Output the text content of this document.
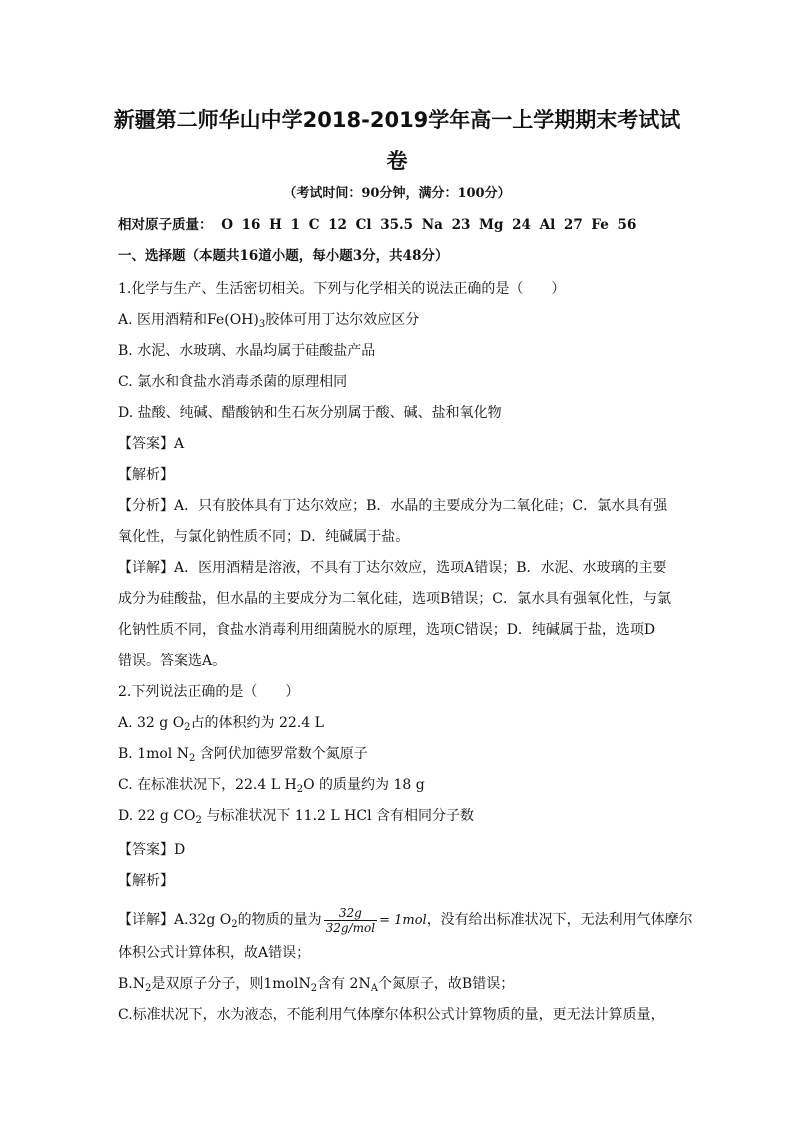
新疆第二师华山中学2018-2019学年高一上学期期末考试试
卷
（考试时间：90分钟，满分：100分）
相对原子质量： O 16 H 1 C 12 Cl 35.5 Na 23 Mg 24 Al 27 Fe 56
一、选择题（本题共16道小题，每小题3分，共48分）
1.化学与生产、生活密切相关。下列与化学相关的说法正确的是（　　）
A. 医用酒精和$Fe(OH)_3$胶体可用丁达尔效应区分
B. 水泥、水玻璃、水晶均属于硅酸盐产品
C. 氯水和食盐水消毒杀菌的原理相同
D. 盐酸、纯碱、醋酸钠和生石灰分别属于酸、碱、盐和氧化物
【答案】A
【解析】
【分析】A．只有胶体具有丁达尔效应；B．水晶的主要成分为二氧化硅；C．氯水具有强
氧化性，与氯化钠性质不同；D．纯碱属于盐。
【详解】A．医用酒精是溶液，不具有丁达尔效应，选项A错误；B．水泥、水玻璃的主要
成分为硅酸盐，但水晶的主要成分为二氧化硅，选项B错误；C．氯水具有强氧化性，与氯
化钠性质不同，食盐水消毒利用细菌脱水的原理，选项C错误；D．纯碱属于盐，选项D
错误。答案选A。
2.下列说法正确的是（　　）
A. 32 g $O_2$占的体积约为 22.4 L
B. 1mol $N_2$ 含阿伏加德罗常数个氮原子
C. 在标准状况下，22.4 L $H_2O$ 的质量约为 18 g
D. 22 g $CO_2$ 与标准状况下 11.2 L HCl 含有相同分子数
【答案】D
【解析】
【详解】A.32g $O_2$的物质的量为 $\frac{32g}{\text{32g/mol}} = 1mol$，没有给出标准状况下，无法利用气体摩尔
体积公式计算体积，故A错误；
$B.N_2$是双原子分子，则1molN$_2$含有 $2N_A$个氮原子，故B错误；
C.标准状况下，水为液态，不能利用气体摩尔体积公式计算物质的量，更无法计算质量，
